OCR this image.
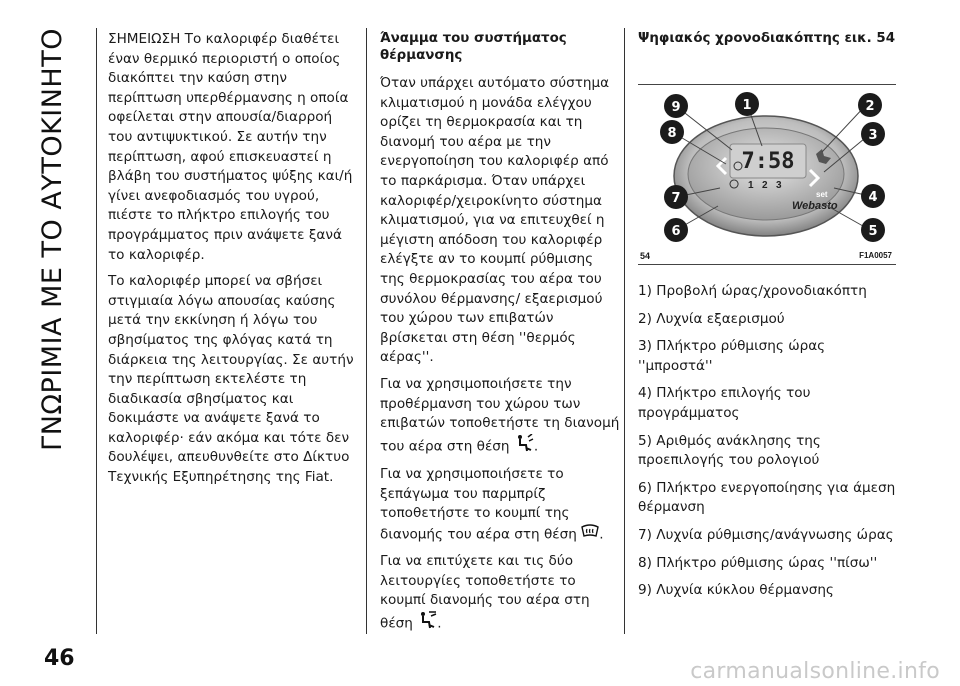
ΓΝΩΡΙΜΙΑ ΜΕ ΤΟ ΑΥΤΟΚΙΝΗΤΟ	ΣΗΜΕΙΩΣΗ Το καλοριφέρ διαθέτει έναν θερμικό περιοριστή ο οποίος διακόπτει την καύση στην περίπτωση υπερθέρμανσης η οποία οφείλεται στην απουσία/διαρροή του αντιψυκτικού. Σε αυτήν την περίπτωση, αφού επισκευαστεί η βλάβη του συστήματος ψύξης και/ή γίνει ανεφοδιασμός του υγρού, πιέστε το πλήκτρο επιλογής του προγράμματος πριν ανάψετε ξανά το καλοριφέρ.

Το καλοριφέρ μπορεί να σβήσει στιγμιαία λόγω απουσίας καύσης μετά την εκκίνηση ή λόγω του σβησίματος της φλόγας κατά τη διάρκεια της λειτουργίας. Σε αυτήν την περίπτωση εκτελέστε τη διαδικασία σβησίματος και δοκιμάστε να ανάψετε ξανά το καλοριφέρ· εάν ακόμα και τότε δεν δουλέψει, απευθυνθείτε στο Δίκτυο Τεχνικής Εξυπηρέτησης της Fiat.

Άναμμα του συστήματος θέρμανσης

Όταν υπάρχει αυτόματο σύστημα κλιματισμού η μονάδα ελέγχου ορίζει τη θερμοκρασία και τη διανομή του αέρα με την ενεργοποίηση του καλοριφέρ από το παρκάρισμα. Όταν υπάρχει καλοριφέρ/χειροκίνητο σύστημα κλιματισμού, για να επιτευχθεί η μέγιστη απόδοση του καλοριφέρ ελέγξτε αν το κουμπί ρύθμισης της θερμοκρασίας του αέρα του συνόλου θέρμανσης/ εξαερισμού του χώρου των επιβατών βρίσκεται στη θέση ''θερμός αέρας''.

Για να χρησιμοποιήσετε την προθέρμανση του χώρου των επιβατών τοποθετήστε τη διανομή του αέρα στη θέση .

Για να χρησιμοποιήσετε το ξεπάγωμα του παρμπρίζ τοποθετήστε το κουμπί της διανομής του αέρα στη θέση .

Για να επιτύχετε και τις δύο λειτουργίες τοποθετήστε το κουμπί διανομής του αέρα στη θέση .

Ψηφιακός χρονοδιακόπτης εικ. 54
7:58
1 2 3
Webasto
set
9	1	2
3
8
7	4
6	5
54	F1A0057

1) Προβολή ώρας/χρονοδιακόπτη

2) Λυχνία εξαερισμού

3) Πλήκτρο ρύθμισης ώρας ''μπροστά''

4) Πλήκτρο επιλογής του προγράμματος

5) Αριθμός ανάκλησης της προεπιλογής του ρολογιού

6) Πλήκτρο ενεργοποίησης για άμεση θέρμανση

7) Λυχνία ρύθμισης/ανάγνωσης ώρας

8) Πλήκτρο ρύθμισης ώρας ''πίσω''

9) Λυχνία κύκλου θέρμανσης

46
carmanualsonline.info
